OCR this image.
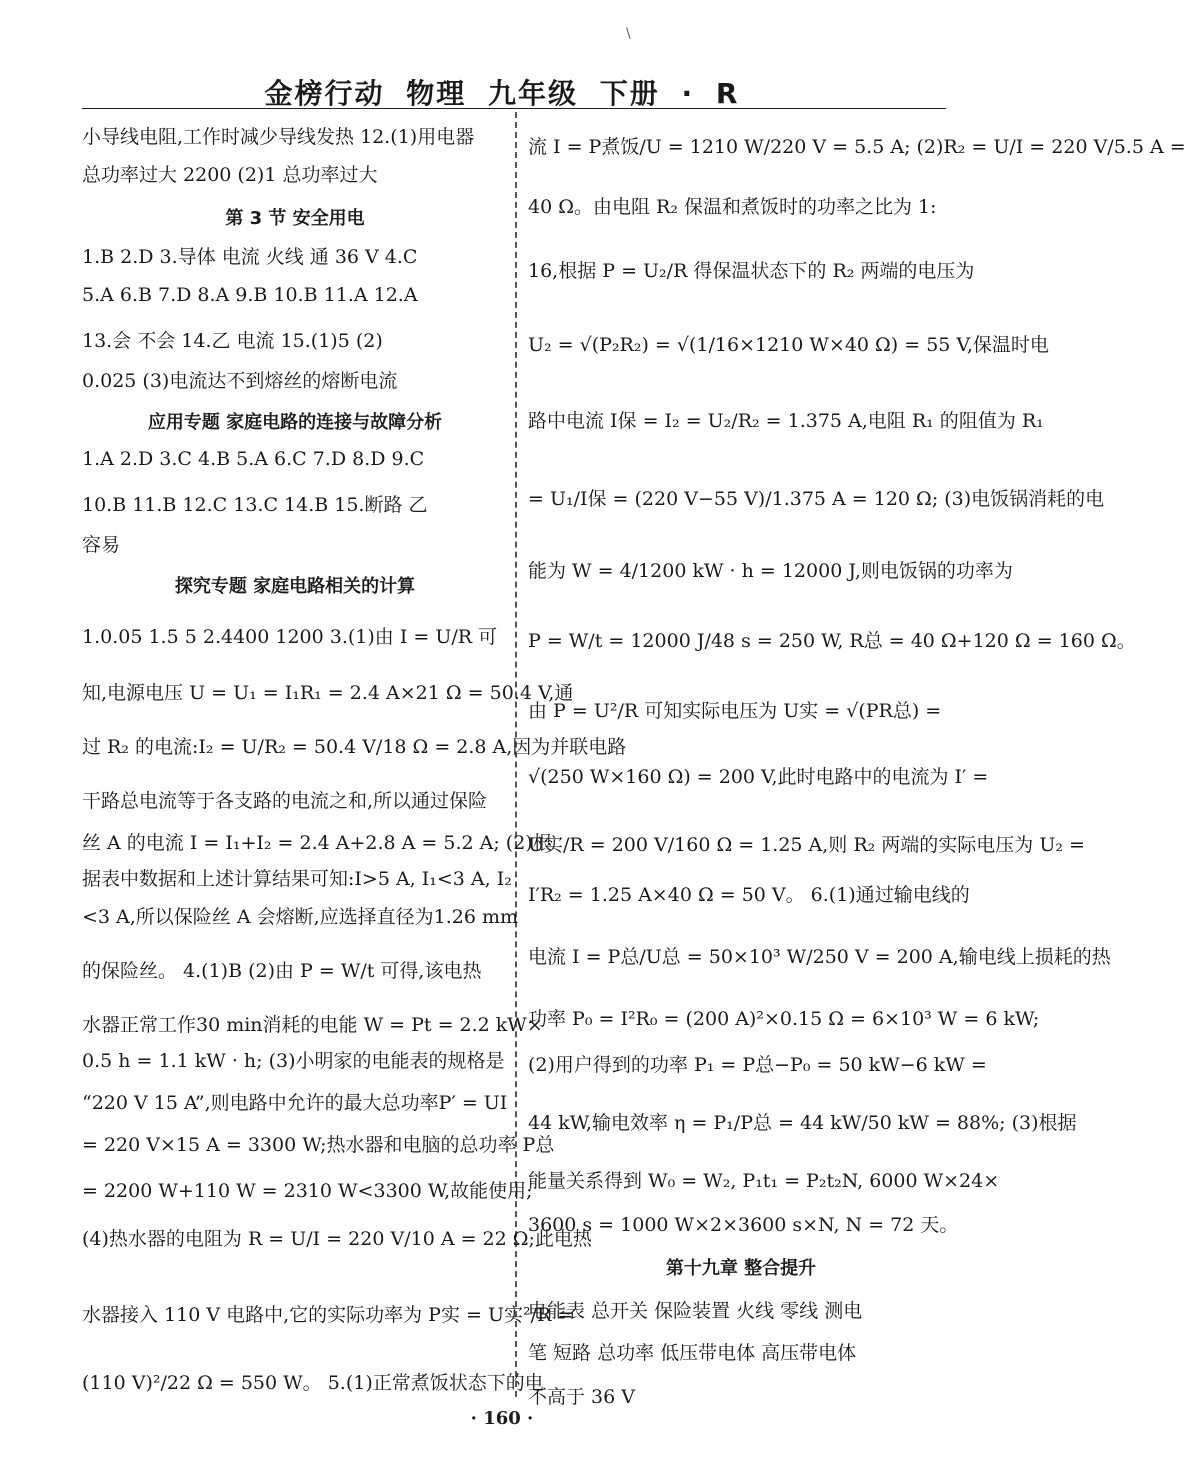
\
金榜行动 物理 九年级 下册 · R
小导线电阻,工作时减少导线发热 12.(1)用电器
总功率过大 2200 (2)1 总功率过大
第 3 节 安全用电
1.B 2.D 3.导体 电流 火线 通 36 V 4.C
5.A 6.B 7.D 8.A 9.B 10.B 11.A 12.A
13.会 不会 14.乙 电流 15.(1)5 (2)
0.025 (3)电流达不到熔丝的熔断电流
应用专题 家庭电路的连接与故障分析
1.A 2.D 3.C 4.B 5.A 6.C 7.D 8.D 9.C
10.B 11.B 12.C 13.C 14.B 15.断路 乙
容易
探究专题 家庭电路相关的计算
1.0.05 1.5 5 2.4400 1200 3.(1)由 I = U/R 可
知,电源电压 U = U₁ = I₁R₁ = 2.4 A×21 Ω = 50.4 V,通
过 R₂ 的电流:I₂ = U/R₂ = 50.4 V/18 Ω = 2.8 A,因为并联电路
干路总电流等于各支路的电流之和,所以通过保险
丝 A 的电流 I = I₁+I₂ = 2.4 A+2.8 A = 5.2 A; (2)根
据表中数据和上述计算结果可知:I>5 A, I₁<3 A, I₂
<3 A,所以保险丝 A 会熔断,应选择直径为1.26 mm
的保险丝。 4.(1)B (2)由 P = W/t 可得,该电热
水器正常工作30 min消耗的电能 W = Pt = 2.2 kW×
0.5 h = 1.1 kW · h; (3)小明家的电能表的规格是
“220 V 15 A”,则电路中允许的最大总功率P′ = UI
= 220 V×15 A = 3300 W;热水器和电脑的总功率 P总
= 2200 W+110 W = 2310 W<3300 W,故能使用;
(4)热水器的电阻为 R = U/I = 220 V/10 A = 22 Ω;此电热
水器接入 110 V 电路中,它的实际功率为 P实 = U实²/R =
(110 V)²/22 Ω = 550 W。 5.(1)正常煮饭状态下的电
流 I = P煮饭/U = 1210 W/220 V = 5.5 A; (2)R₂ = U/I = 220 V/5.5 A =
40 Ω。由电阻 R₂ 保温和煮饭时的功率之比为 1:
16,根据 P = U₂/R 得保温状态下的 R₂ 两端的电压为
U₂ = √(P₂R₂) = √(1/16×1210 W×40 Ω) = 55 V,保温时电
路中电流 I保 = I₂ = U₂/R₂ = 1.375 A,电阻 R₁ 的阻值为 R₁
= U₁/I保 = (220 V−55 V)/1.375 A = 120 Ω; (3)电饭锅消耗的电
能为 W = 4/1200 kW · h = 12000 J,则电饭锅的功率为
P = W/t = 12000 J/48 s = 250 W, R总 = 40 Ω+120 Ω = 160 Ω。
由 P = U²/R 可知实际电压为 U实 = √(PR总) =
√(250 W×160 Ω) = 200 V,此时电路中的电流为 I′ =
U实/R = 200 V/160 Ω = 1.25 A,则 R₂ 两端的实际电压为 U₂ =
I′R₂ = 1.25 A×40 Ω = 50 V。 6.(1)通过输电线的
电流 I = P总/U总 = 50×10³ W/250 V = 200 A,输电线上损耗的热
功率 P₀ = I²R₀ = (200 A)²×0.15 Ω = 6×10³ W = 6 kW;
(2)用户得到的功率 P₁ = P总−P₀ = 50 kW−6 kW =
44 kW,输电效率 η = P₁/P总 = 44 kW/50 kW = 88%; (3)根据
能量关系得到 W₀ = W₂, P₁t₁ = P₂t₂N, 6000 W×24×
3600 s = 1000 W×2×3600 s×N, N = 72 天。
第十九章 整合提升
电能表 总开关 保险装置 火线 零线 测电
笔 短路 总功率 低压带电体 高压带电体
不高于 36 V
· 160 ·
